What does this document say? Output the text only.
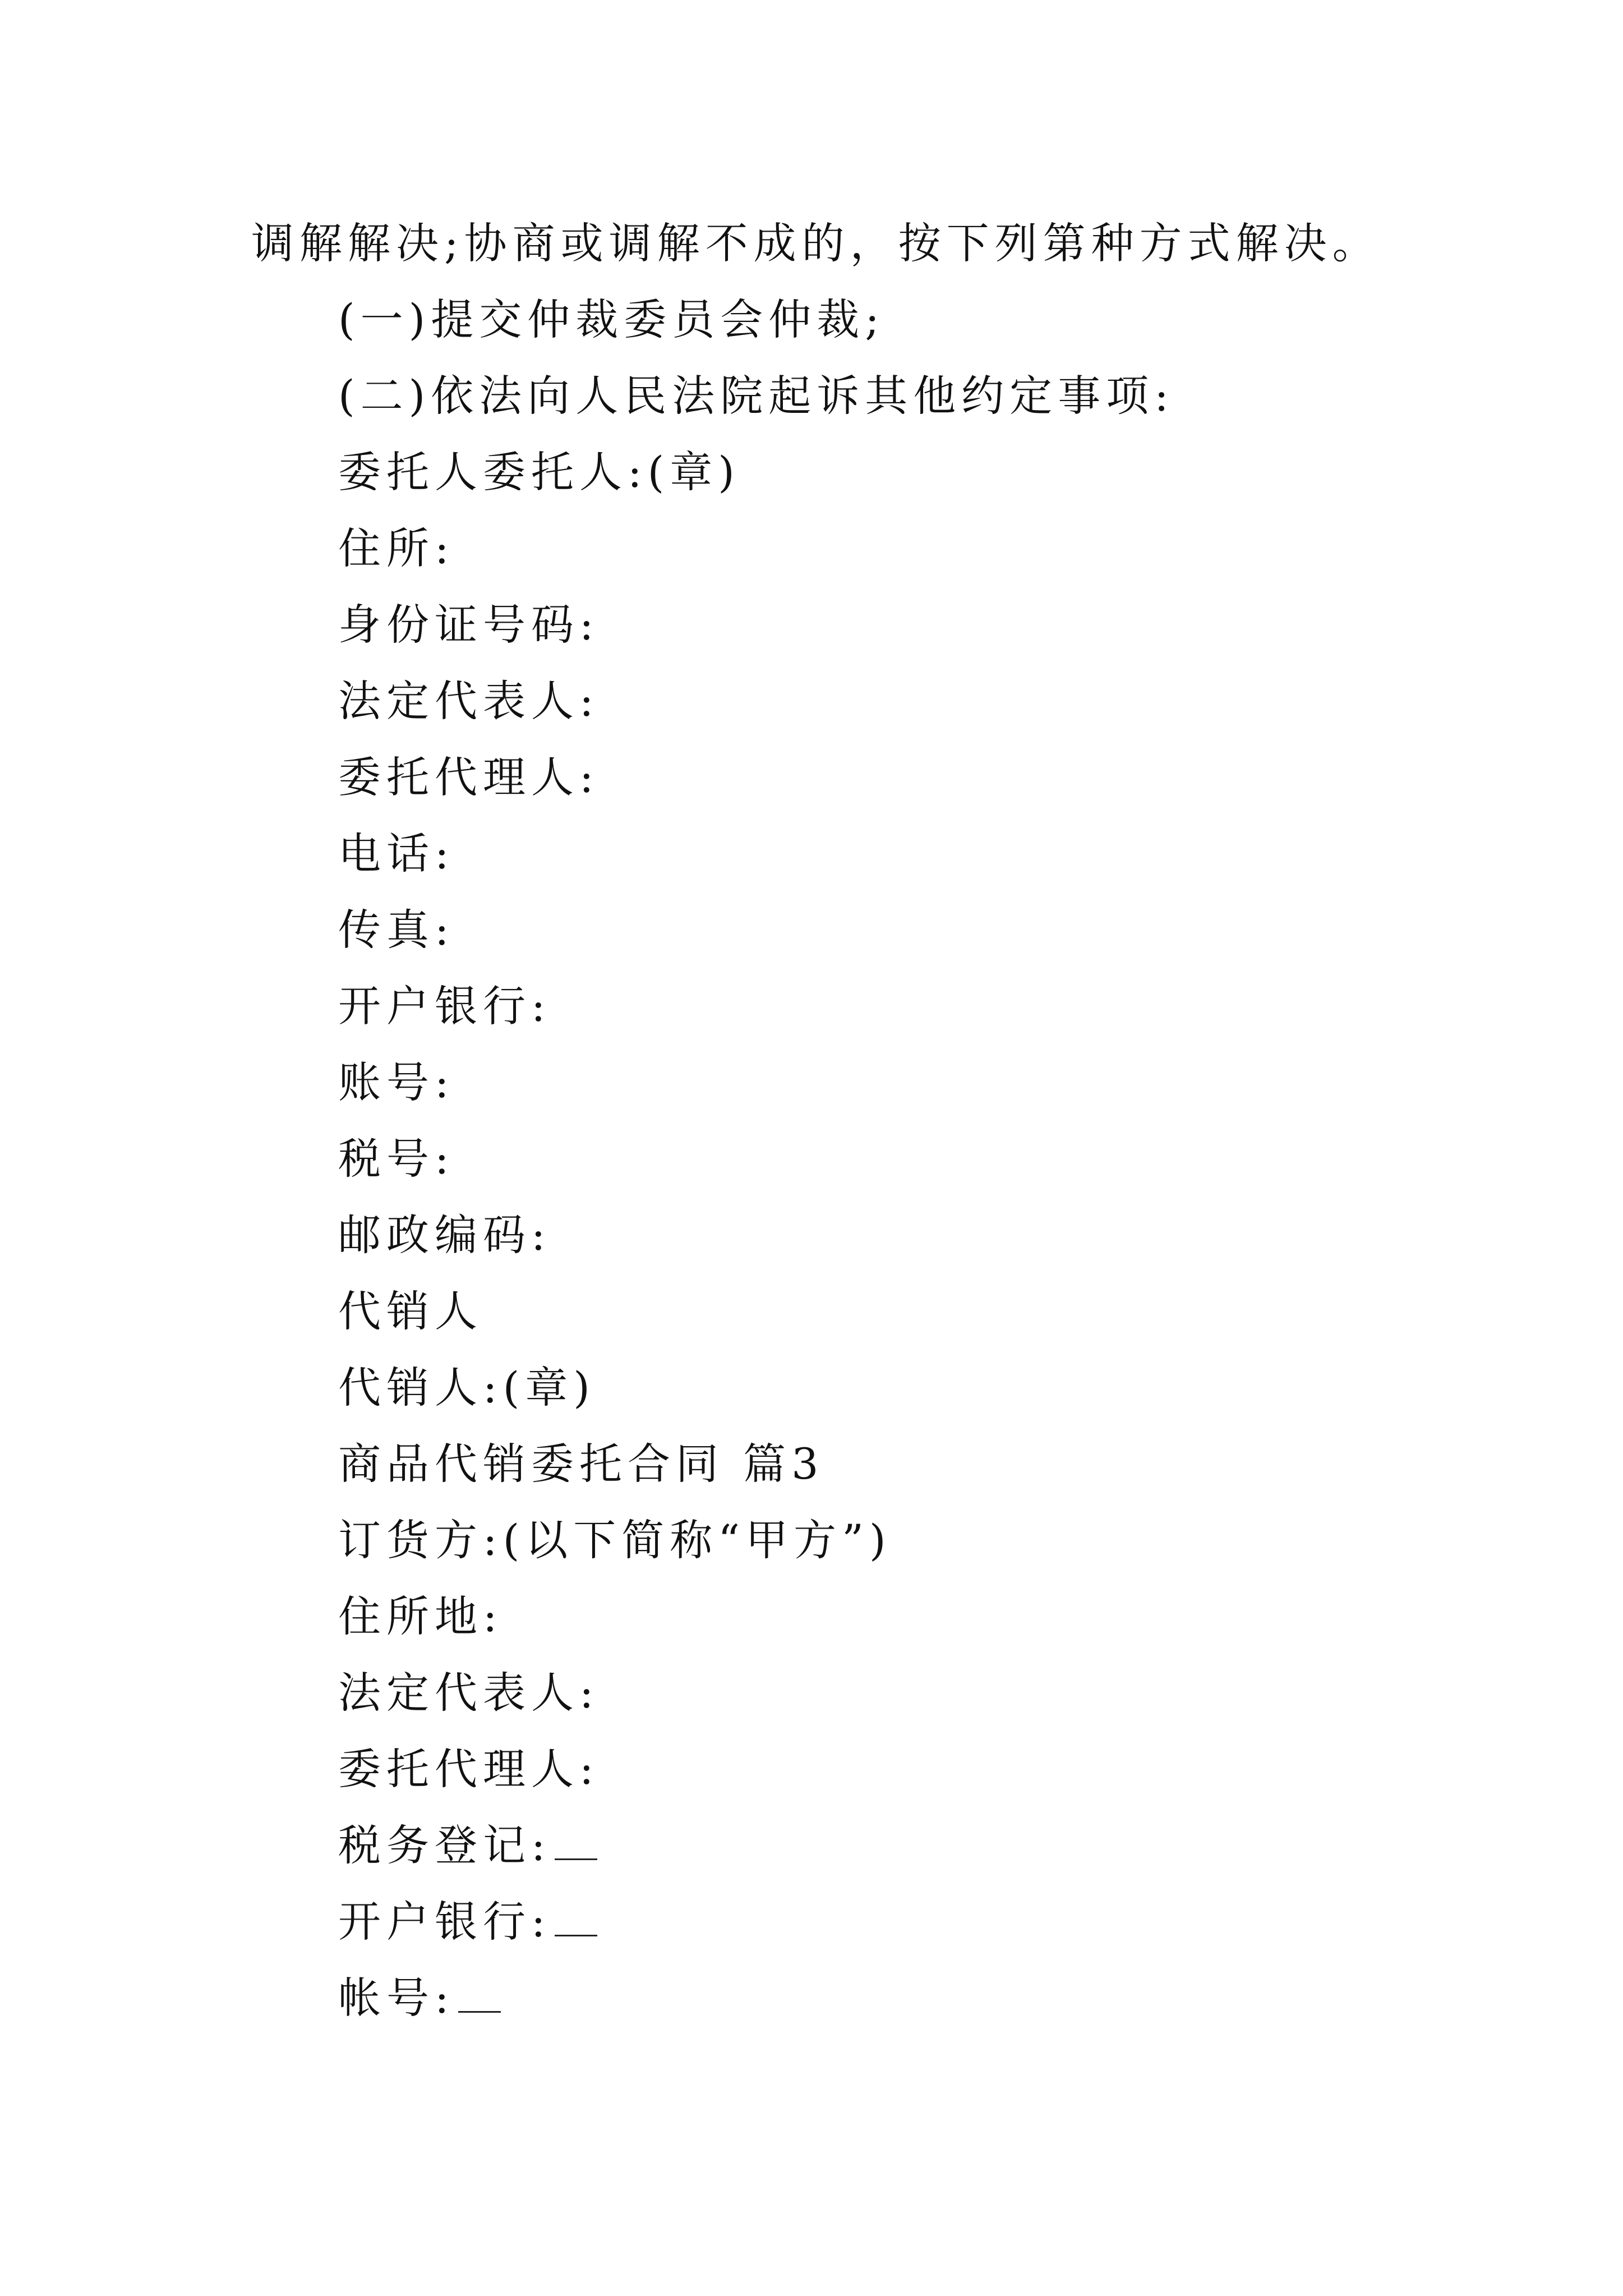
调解解决;协商或调解不成的，按下列第种方式解决。
(一)提交仲裁委员会仲裁;
(二)依法向人民法院起诉其他约定事项:
委托人委托人:(章)
住所:
身份证号码:
法定代表人:
委托代理人:
电话:
传真:
开户银行:
账号:
税号:
邮政编码:
代销人
代销人:(章)
商品代销委托合同 篇3
订货方:(以下简称“甲方”)
住所地:
法定代表人:
委托代理人:
税务登记:
开户银行:
帐号:
